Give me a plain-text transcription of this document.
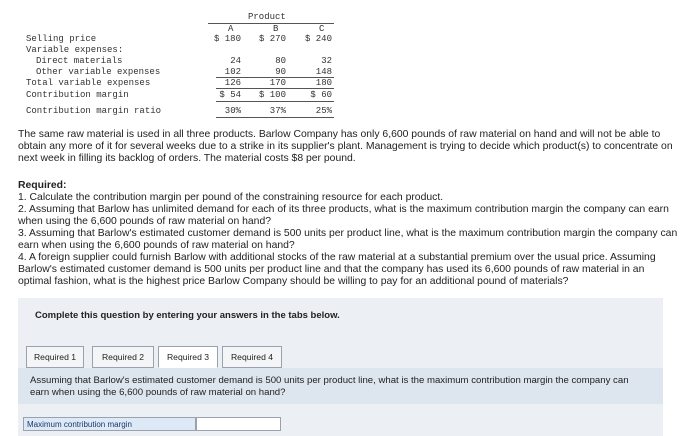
Product
A	B	C
Selling price	$ 180	$ 270	$ 240
Variable expenses:
Direct materials	24	80	32
Other variable expenses	102	90	148
Total variable expenses	126	170	180
Contribution margin	$ 54	$ 100	$ 60
Contribution margin ratio	30%	37%	25%
The same raw material is used in all three products. Barlow Company has only 6,600 pounds of raw material on hand and will not be able to obtain any more of it for several weeks due to a strike in its supplier's plant. Management is trying to decide which product(s) to concentrate on next week in filling its backlog of orders. The material costs $8 per pound.
Required:
1. Calculate the contribution margin per pound of the constraining resource for each product.
2. Assuming that Barlow has unlimited demand for each of its three products, what is the maximum contribution margin the company can earn when using the 6,600 pounds of raw material on hand?
3. Assuming that Barlow's estimated customer demand is 500 units per product line, what is the maximum contribution margin the company can earn when using the 6,600 pounds of raw material on hand?
4. A foreign supplier could furnish Barlow with additional stocks of the raw material at a substantial premium over the usual price. Assuming Barlow's estimated customer demand is 500 units per product line and that the company has used its 6,600 pounds of raw material in an optimal fashion, what is the highest price Barlow Company should be willing to pay for an additional pound of materials?
Complete this question by entering your answers in the tabs below.
Required 1	Required 2	Required 3	Required 4
Assuming that Barlow's estimated customer demand is 500 units per product line, what is the maximum contribution margin the company can earn when using the 6,600 pounds of raw material on hand?
Maximum contribution margin
